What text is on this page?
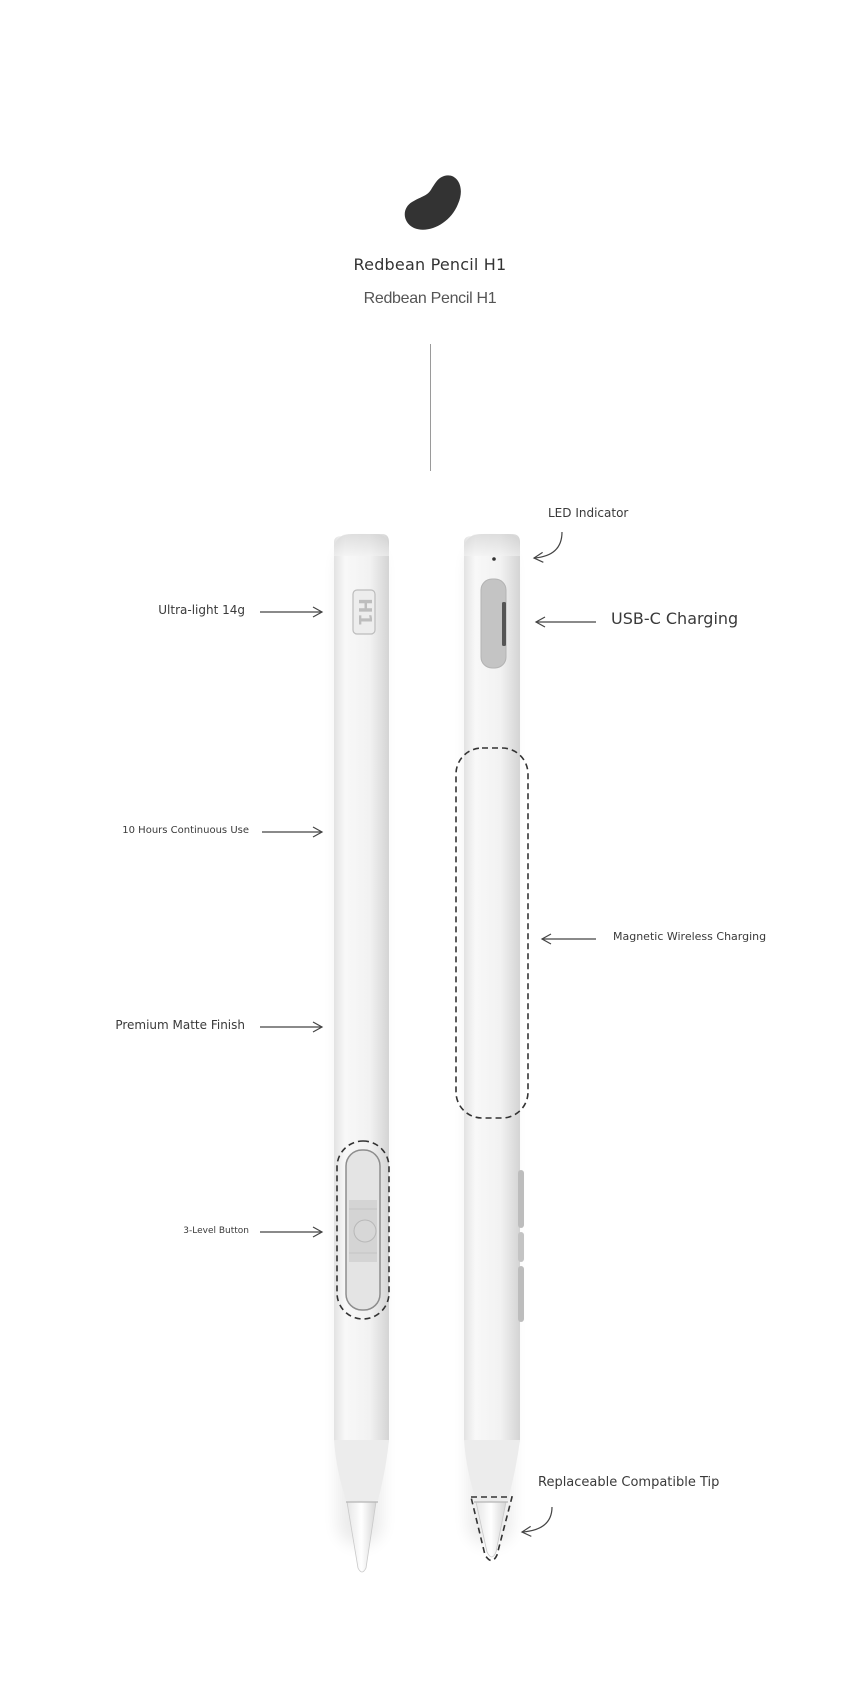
Redbean Pencil H1
Redbean Pencil H1
H1
Ultra-light 14g
10 Hours Continuous Use
Premium Matte Finish
3-Level Button
LED Indicator
USB-C Charging
Magnetic Wireless Charging
Replaceable Compatible Tip
